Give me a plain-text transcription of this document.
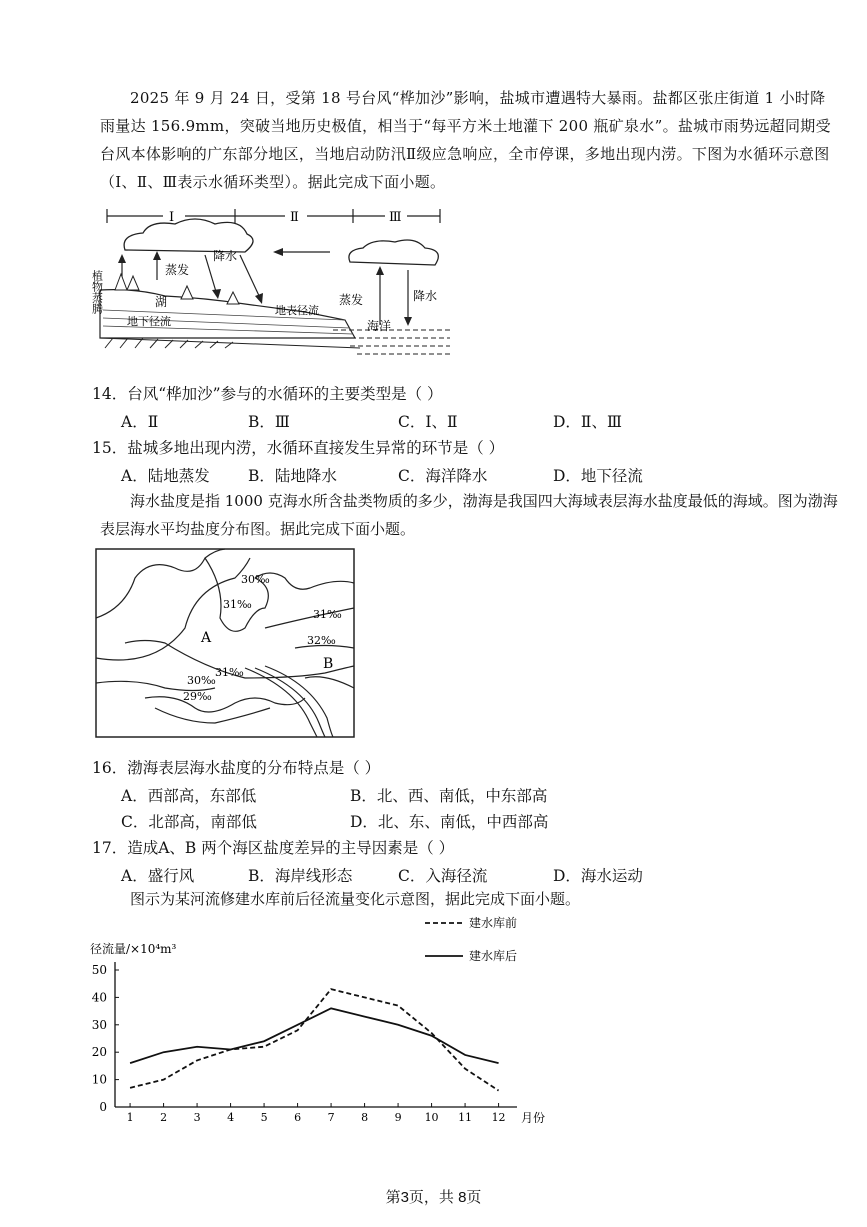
2025 年 9 月 24 日，受第 18 号台风“桦加沙”影响，盐城市遭遇特大暴雨。盐都区张庄街道 1 小时降雨量达 156.9mm，突破当地历史极值，相当于“每平方米土地灌下 200 瓶矿泉水”。盐城市雨势远超同期受台风本体影响的广东部分地区，当地启动防汛Ⅱ级应急响应，全市停课，多地出现内涝。下图为水循环示意图（Ⅰ、Ⅱ、Ⅲ表示水循环类型）。据此完成下面小题。
Ⅰ	Ⅱ	Ⅲ
植物蒸腾	蒸发
降水
湖
地下径流
地表径流
海洋
蒸发	降水
14．台风“桦加沙”参与的水循环的主要类型是（ ）
A．Ⅱ	B．Ⅲ	C．Ⅰ、Ⅱ	D．Ⅱ、Ⅲ
15．盐城多地出现内涝，水循环直接发生异常的环节是（ ）
A．陆地蒸发 B．陆地降水	C．海洋降水	D．地下径流
海水盐度是指 1000 克海水所含盐类物质的多少，渤海是我国四大海域表层海水盐度最低的海域。图为渤海表层海水平均盐度分布图。据此完成下面小题。
30‰
31‰
31‰
32‰
31‰
30‰
29‰
A
B
16．渤海表层海水盐度的分布特点是（ ）
A．西部高，东部低	B．北、西、南低，中东部高
C．北部高，南部低	D．北、东、南低，中西部高
17．造成A、B 两个海区盐度差异的主导因素是（ ）
A．盛行风	B．海岸线形态	C．入海径流	D．海水运动
图示为某河流修建水库前后径流量变化示意图，据此完成下面小题。
径流量/×10⁴m³
月份
0
10
20
30
40
50
1 2 3 4 5 6 7 8 9 10 11 12
建水库前
建水库后
第3页，共 8页
